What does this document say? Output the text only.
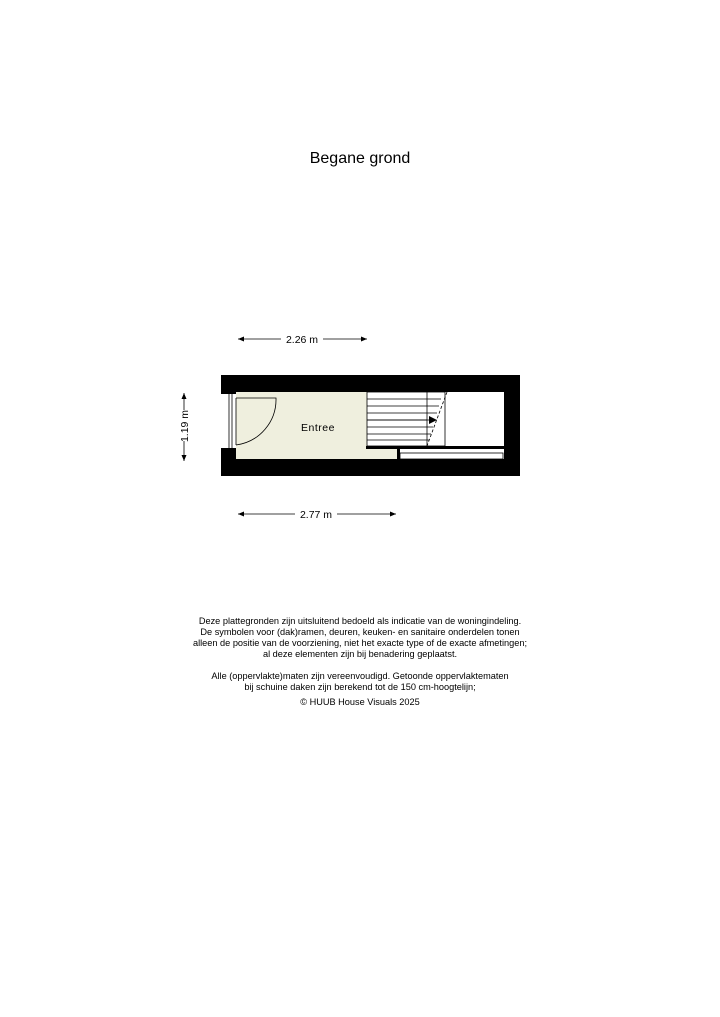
Begane grond
2.26 m
1.19 m	Entree
2.77 m

Deze plattegronden zijn uitsluitend bedoeld als indicatie van de woningindeling.

De symbolen voor (dak)ramen, deuren, keuken- en sanitaire onderdelen tonen

alleen de positie van de voorziening, niet het exacte type of de exacte afmetingen;

al deze elementen zijn bij benadering geplaatst.

Alle (oppervlakte)maten zijn vereenvoudigd. Getoonde oppervlaktematen

bij schuine daken zijn berekend tot de 150 cm-hoogtelijn;

© HUUB House Visuals 2025
